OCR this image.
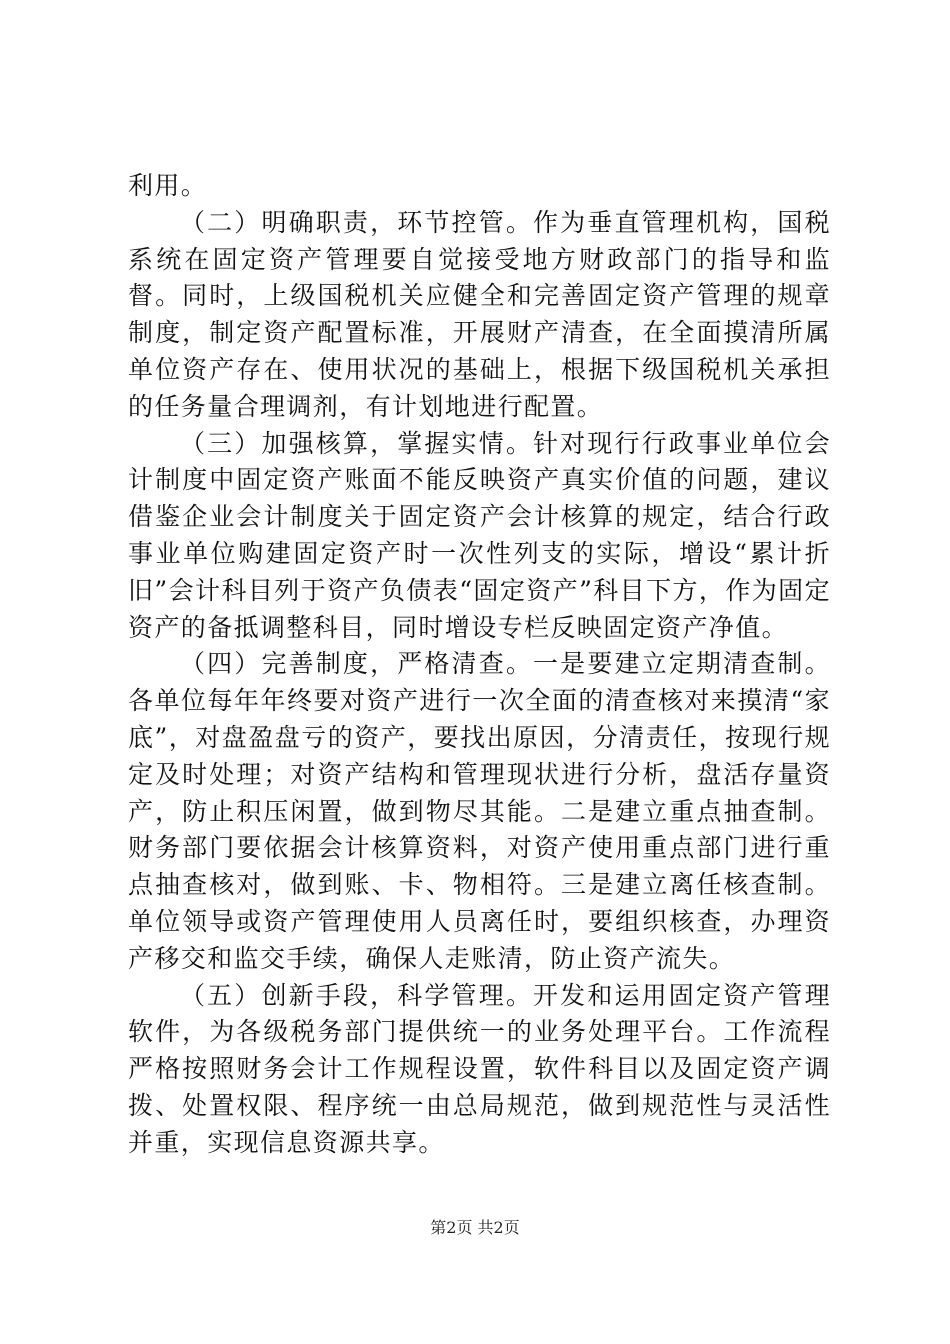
利用。

（二）明确职责，环节控管。作为垂直管理机构，国税系统在固定资产管理要自觉接受地方财政部门的指导和监督。同时，上级国税机关应健全和完善固定资产管理的规章制度，制定资产配置标准，开展财产清查，在全面摸清所属单位资产存在、使用状况的基础上，根据下级国税机关承担的任务量合理调剂，有计划地进行配置。

（三）加强核算，掌握实情。针对现行行政事业单位会计制度中固定资产账面不能反映资产真实价值的问题，建议借鉴企业会计制度关于固定资产会计核算的规定，结合行政事业单位购建固定资产时一次性列支的实际，增设“累计折旧”会计科目列于资产负债表“固定资产”科目下方，作为固定资产的备抵调整科目，同时增设专栏反映固定资产净值。

（四）完善制度，严格清查。一是要建立定期清查制。各单位每年年终要对资产进行一次全面的清查核对来摸清“家底”，对盘盈盘亏的资产，要找出原因，分清责任，按现行规定及时处理；对资产结构和管理现状进行分析，盘活存量资产，防止积压闲置，做到物尽其能。二是建立重点抽查制。财务部门要依据会计核算资料，对资产使用重点部门进行重点抽查核对，做到账、卡、物相符。三是建立离任核查制。单位领导或资产管理使用人员离任时，要组织核查，办理资产移交和监交手续，确保人走账清，防止资产流失。

（五）创新手段，科学管理。开发和运用固定资产管理软件，为各级税务部门提供统一的业务处理平台。工作流程严格按照财务会计工作规程设置，软件科目以及固定资产调拨、处置权限、程序统一由总局规范，做到规范性与灵活性并重，实现信息资源共享。

第2页 共2页
